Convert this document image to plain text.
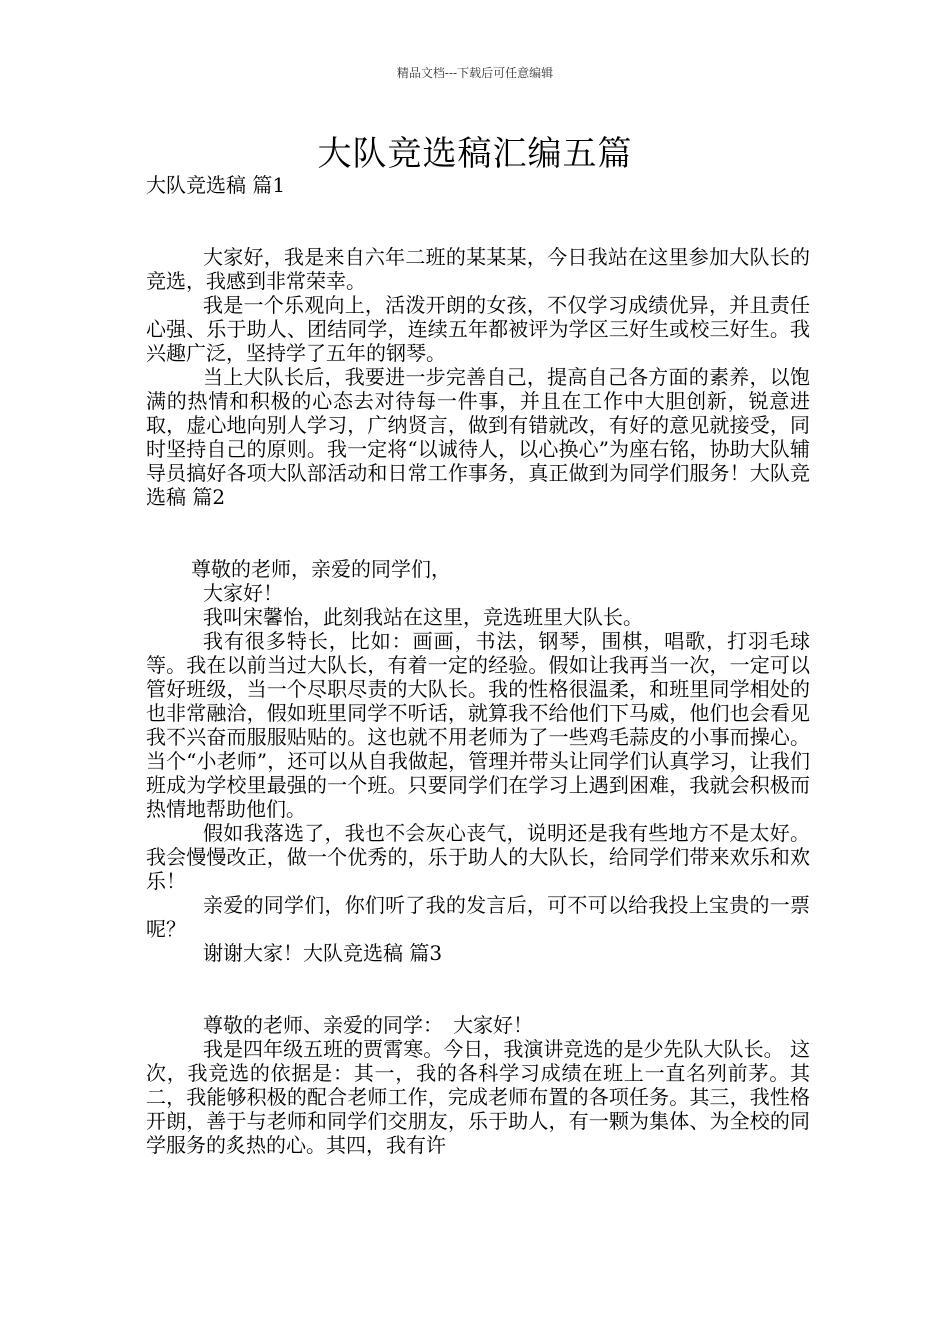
精品文档---下载后可任意编辑
大队竞选稿汇编五篇

大队竞选稿 篇1

大家好，我是来自六年二班的某某某，今日我站在这里参加大队长的竞选，我感到非常荣幸。

我是一个乐观向上，活泼开朗的女孩，不仅学习成绩优异，并且责任心强、乐于助人、团结同学，连续五年都被评为学区三好生或校三好生。我兴趣广泛，坚持学了五年的钢琴。

当上大队长后，我要进一步完善自己，提高自己各方面的素养，以饱满的热情和积极的心态去对待每一件事，并且在工作中大胆创新，锐意进取，虚心地向别人学习，广纳贤言，做到有错就改，有好的意见就接受，同时坚持自己的原则。我一定将“以诚待人，以心换心”为座右铭，协助大队辅导员搞好各项大队部活动和日常工作事务，真正做到为同学们服务！大队竞选稿 篇2

尊敬的老师，亲爱的同学们，

大家好！

我叫宋馨怡，此刻我站在这里，竞选班里大队长。

我有很多特长，比如：画画，书法，钢琴，围棋，唱歌，打羽毛球等。我在以前当过大队长，有着一定的经验。假如让我再当一次，一定可以管好班级，当一个尽职尽责的大队长。我的性格很温柔，和班里同学相处的也非常融洽，假如班里同学不听话，就算我不给他们下马威，他们也会看见我不兴奋而服服贴贴的。这也就不用老师为了一些鸡毛蒜皮的小事而操心。当个“小老师”，还可以从自我做起，管理并带头让同学们认真学习，让我们班成为学校里最强的一个班。只要同学们在学习上遇到困难，我就会积极而热情地帮助他们。

假如我落选了，我也不会灰心丧气，说明还是我有些地方不是太好。我会慢慢改正，做一个优秀的，乐于助人的大队长，给同学们带来欢乐和欢乐！

亲爱的同学们，你们听了我的发言后，可不可以给我投上宝贵的一票呢？

谢谢大家！大队竞选稿 篇3

尊敬的老师、亲爱的同学：　大家好！

我是四年级五班的贾霄寒。今日，我演讲竞选的是少先队大队长。 这次，我竞选的依据是：其一，我的各科学习成绩在班上一直名列前茅。其二，我能够积极的配合老师工作，完成老师布置的各项任务。其三，我性格开朗，善于与老师和同学们交朋友，乐于助人，有一颗为集体、为全校的同学服务的炙热的心。其四，我有许
